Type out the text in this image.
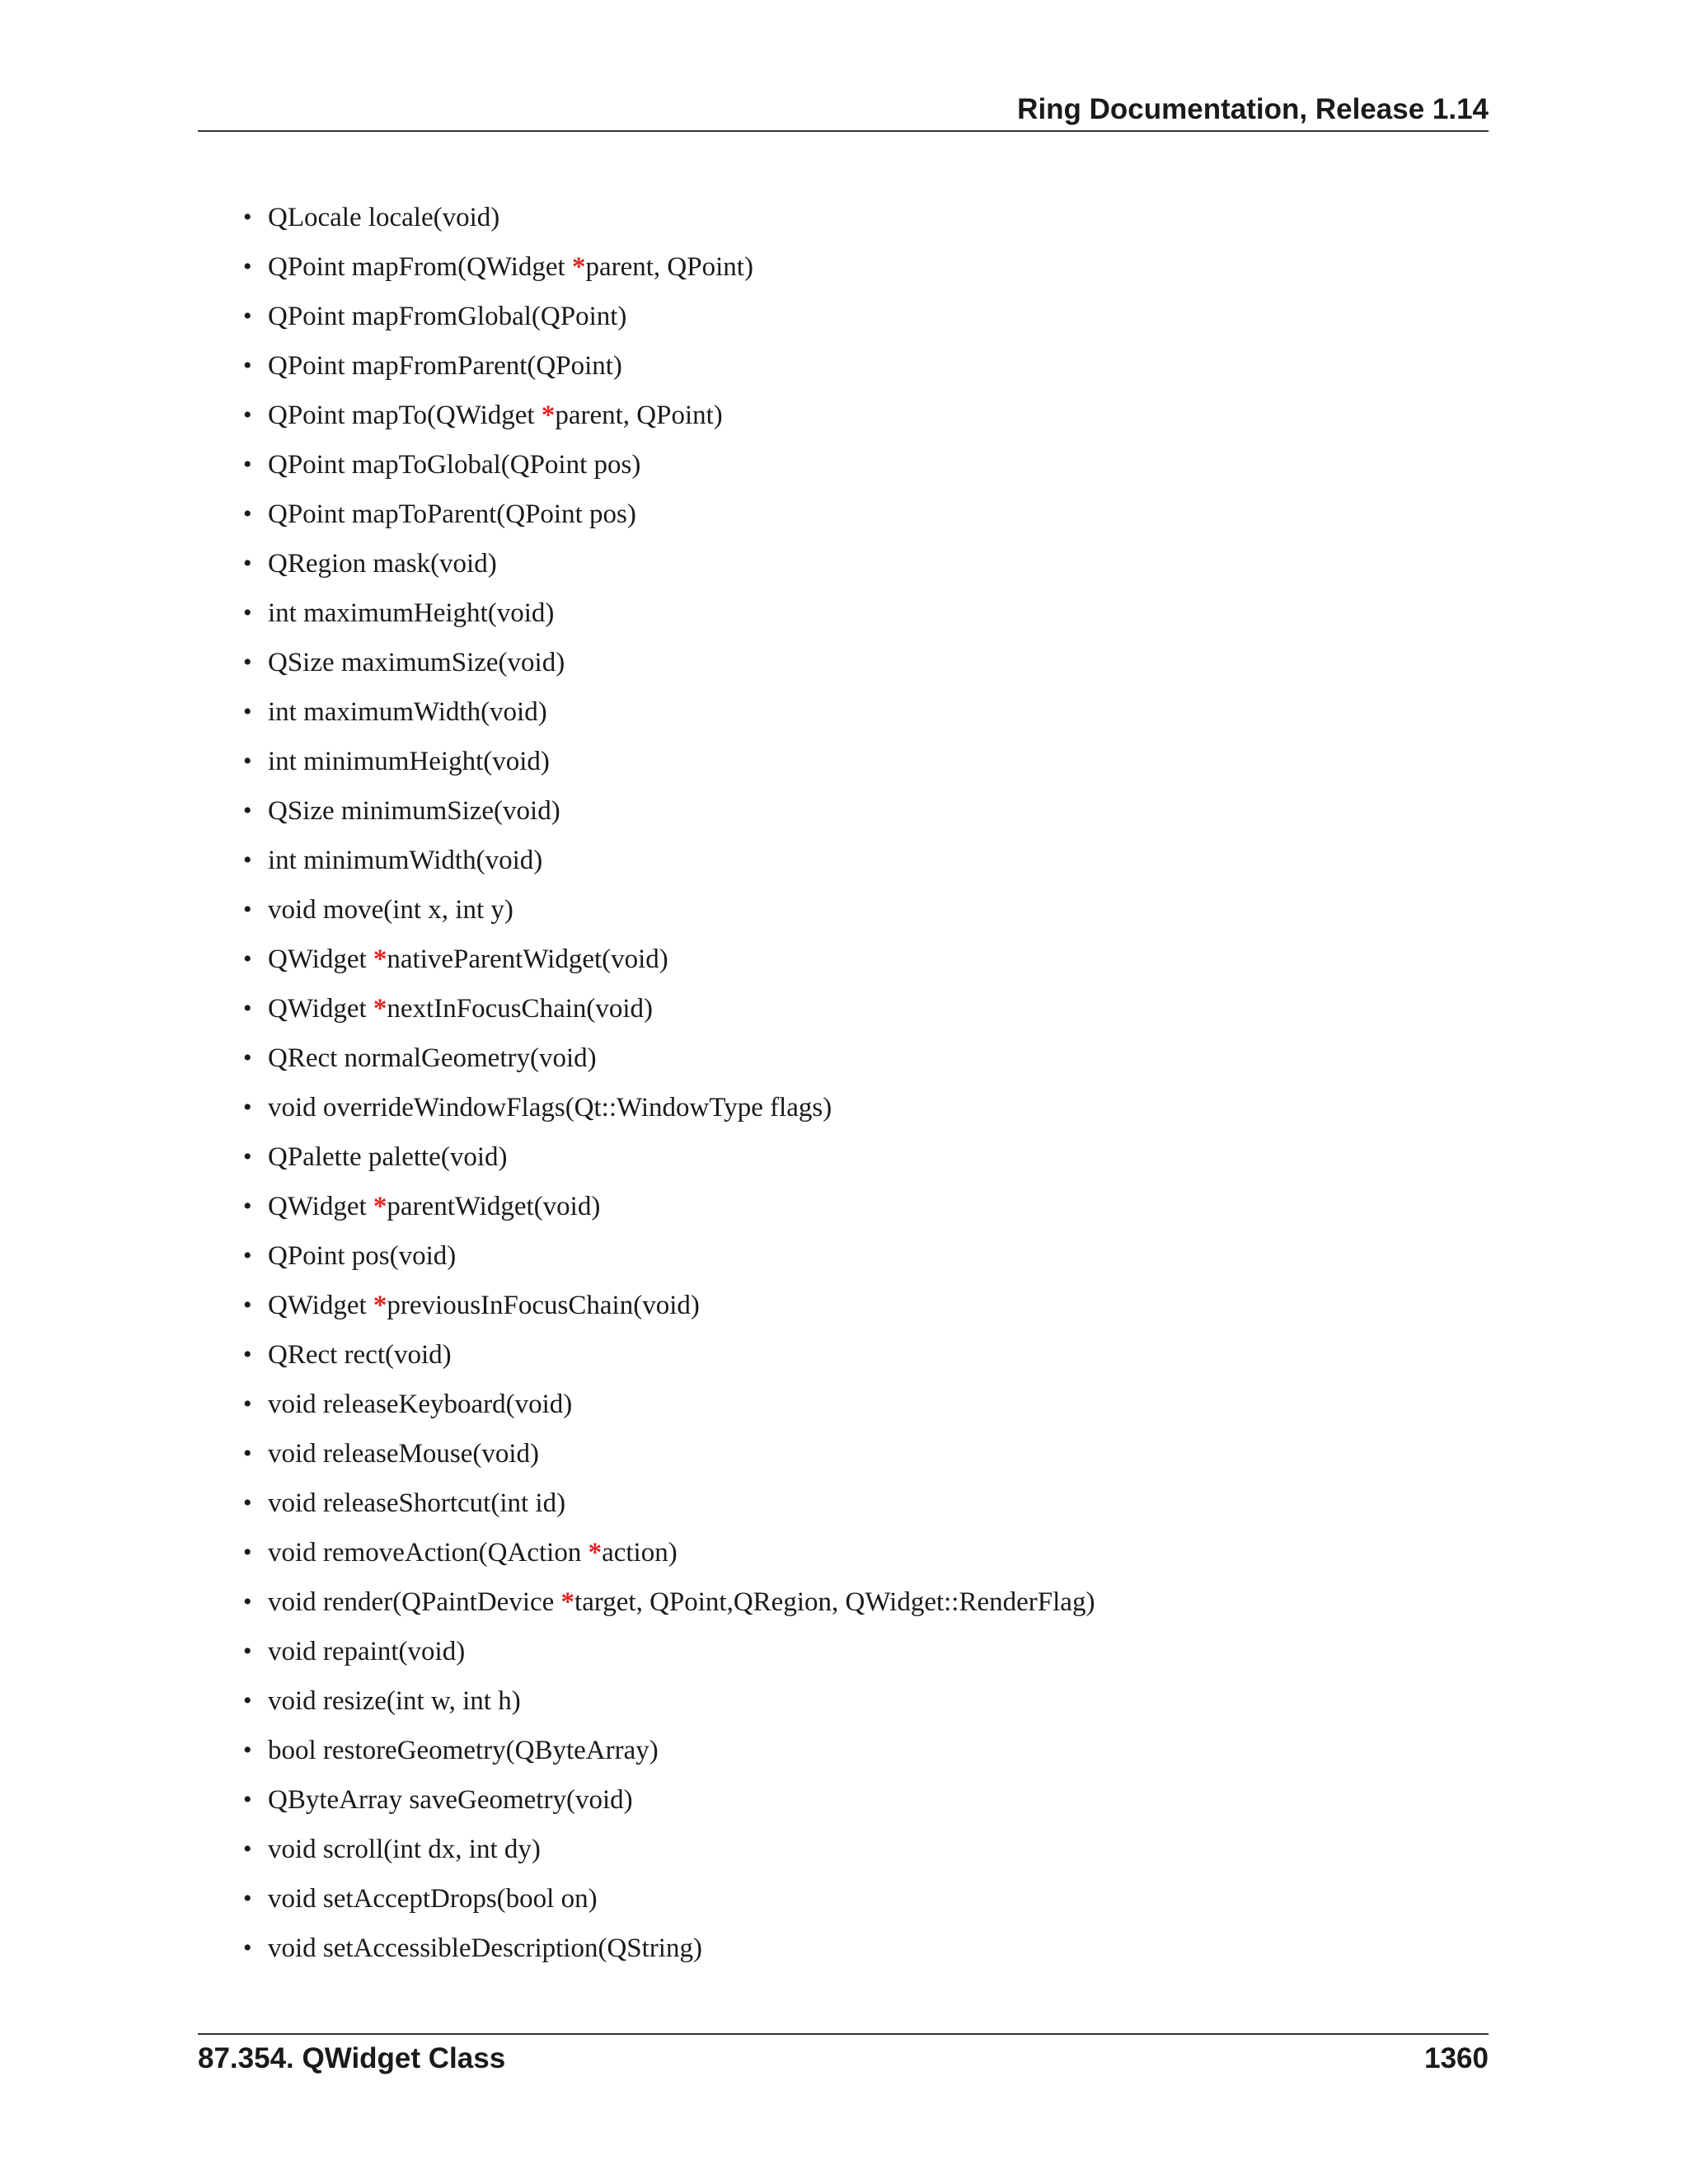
Ring Documentation, Release 1.14
• QLocale locale(void)
• QPoint mapFrom(QWidget *parent, QPoint)
• QPoint mapFromGlobal(QPoint)
• QPoint mapFromParent(QPoint)
• QPoint mapTo(QWidget *parent, QPoint)
• QPoint mapToGlobal(QPoint pos)
• QPoint mapToParent(QPoint pos)
• QRegion mask(void)
• int maximumHeight(void)
• QSize maximumSize(void)
• int maximumWidth(void)
• int minimumHeight(void)
• QSize minimumSize(void)
• int minimumWidth(void)
• void move(int x, int y)
• QWidget *nativeParentWidget(void)
• QWidget *nextInFocusChain(void)
• QRect normalGeometry(void)
• void overrideWindowFlags(Qt::WindowType flags)
• QPalette palette(void)
• QWidget *parentWidget(void)
• QPoint pos(void)
• QWidget *previousInFocusChain(void)
• QRect rect(void)
• void releaseKeyboard(void)
• void releaseMouse(void)
• void releaseShortcut(int id)
• void removeAction(QAction *action)
• void render(QPaintDevice *target, QPoint,QRegion, QWidget::RenderFlag)
• void repaint(void)
• void resize(int w, int h)
• bool restoreGeometry(QByteArray)
• QByteArray saveGeometry(void)
• void scroll(int dx, int dy)
• void setAcceptDrops(bool on)
• void setAccessibleDescription(QString)
87.354. QWidget Class	1360
